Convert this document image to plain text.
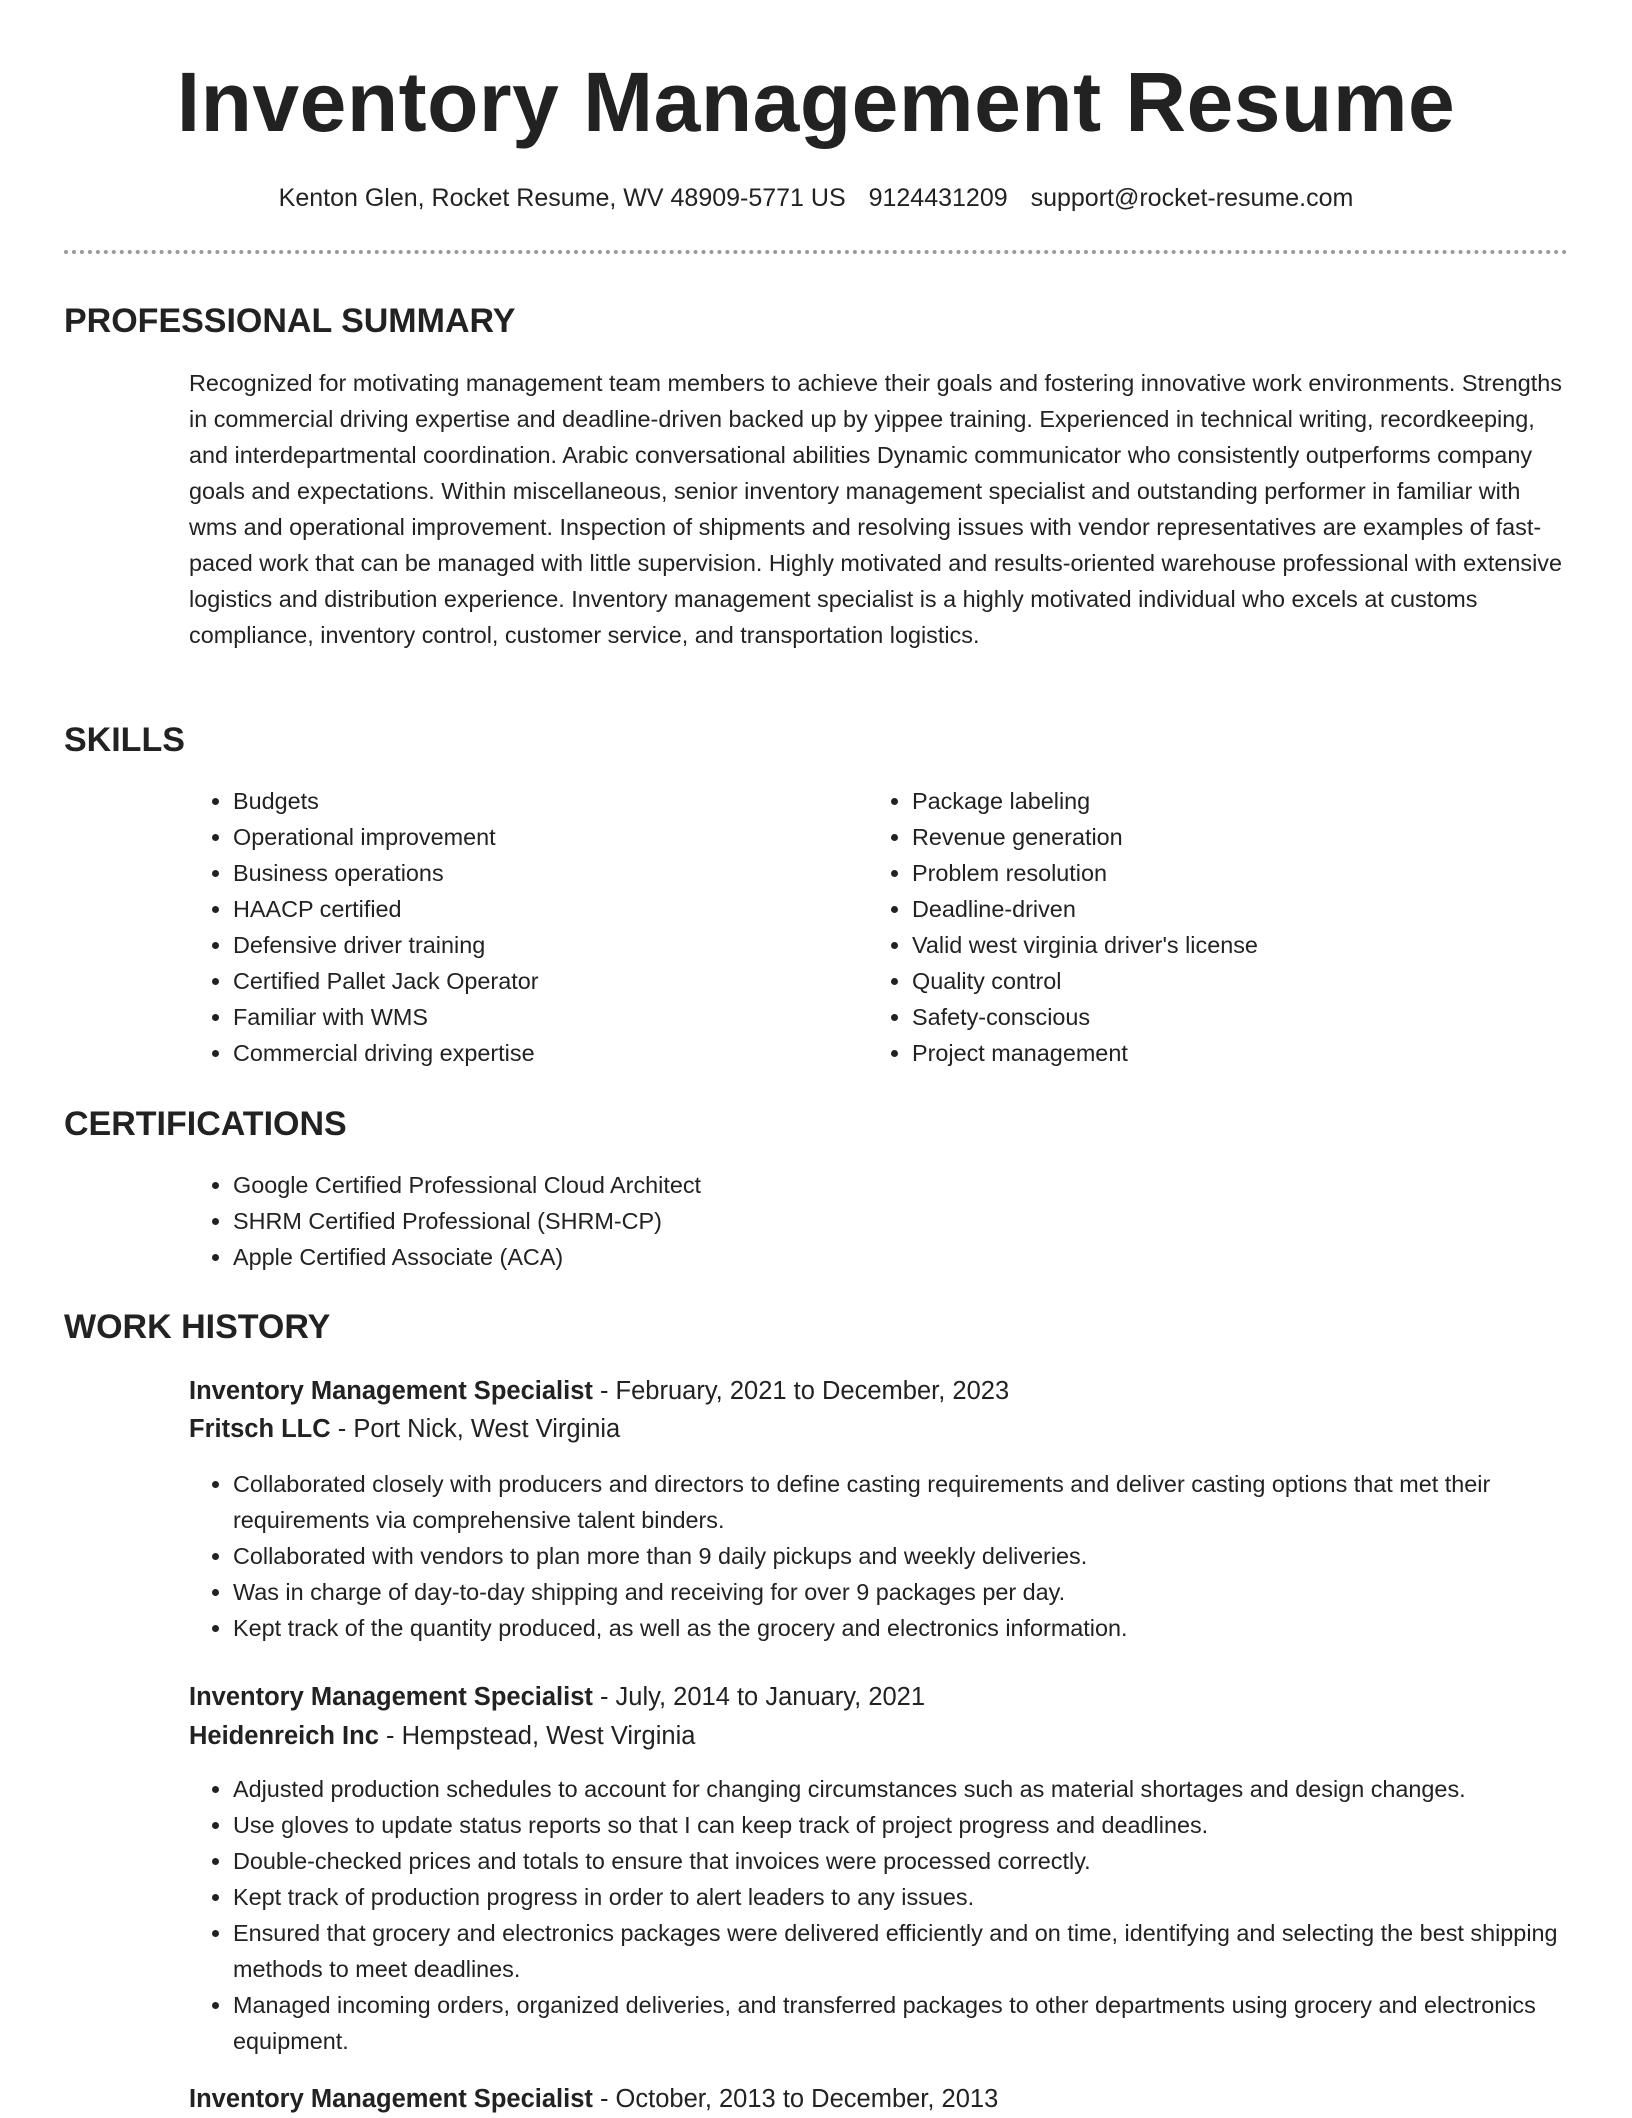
Inventory Management Resume
Kenton Glen, Rocket Resume, WV 48909-5771 US 9124431209 support@rocket-resume.com
PROFESSIONAL SUMMARY

Recognized for motivating management team members to achieve their goals and fostering innovative work environments. Strengths in commercial driving expertise and deadline-driven backed up by yippee training. Experienced in technical writing, recordkeeping, and interdepartmental coordination. Arabic conversational abilities Dynamic communicator who consistently outperforms company goals and expectations. Within miscellaneous, senior inventory management specialist and outstanding performer in familiar with wms and operational improvement. Inspection of shipments and resolving issues with vendor representatives are examples of fast-paced work that can be managed with little supervision. Highly motivated and results-oriented warehouse professional with extensive logistics and distribution experience. Inventory management specialist is a highly motivated individual who excels at customs compliance, inventory control, customer service, and transportation logistics.

SKILLS
• Budgets
• Operational improvement
• Business operations
• HAACP certified
• Defensive driver training
• Certified Pallet Jack Operator
• Familiar with WMS
• Commercial driving expertise
• Package labeling
• Revenue generation
• Problem resolution
• Deadline-driven
• Valid west virginia driver's license
• Quality control
• Safety-conscious
• Project management
CERTIFICATIONS
• Google Certified Professional Cloud Architect
• SHRM Certified Professional (SHRM-CP)
• Apple Certified Associate (ACA)
WORK HISTORY
Inventory Management Specialist - February, 2021 to December, 2023
Fritsch LLC - Port Nick, West Virginia
• Collaborated closely with producers and directors to define casting requirements and deliver casting options that met their requirements via comprehensive talent binders.
• Collaborated with vendors to plan more than 9 daily pickups and weekly deliveries.
• Was in charge of day-to-day shipping and receiving for over 9 packages per day.
• Kept track of the quantity produced, as well as the grocery and electronics information.
Inventory Management Specialist - July, 2014 to January, 2021
Heidenreich Inc - Hempstead, West Virginia
• Adjusted production schedules to account for changing circumstances such as material shortages and design changes.
• Use gloves to update status reports so that I can keep track of project progress and deadlines.
• Double-checked prices and totals to ensure that invoices were processed correctly.
• Kept track of production progress in order to alert leaders to any issues.
• Ensured that grocery and electronics packages were delivered efficiently and on time, identifying and selecting the best shipping methods to meet deadlines.
• Managed incoming orders, organized deliveries, and transferred packages to other departments using grocery and electronics equipment.
Inventory Management Specialist - October, 2013 to December, 2013
